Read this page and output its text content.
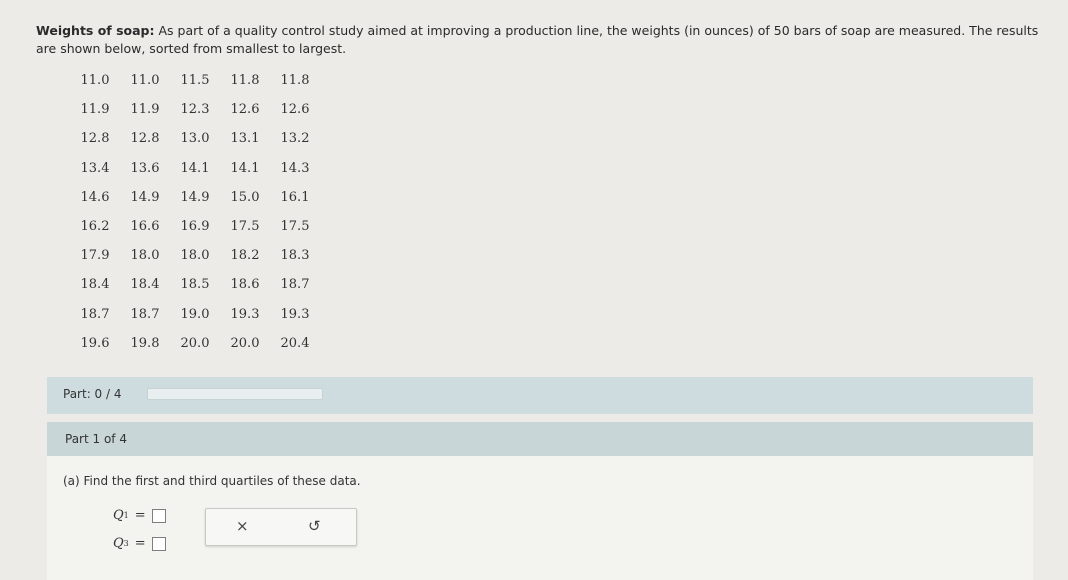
Weights of soap: As part of a quality control study aimed at improving a production line, the weights (in ounces) of 50 bars of soap are measured. The results are shown below, sorted from smallest to largest.
11.0	11.0	11.5	11.8	11.8
11.9	11.9	12.3	12.6	12.6
12.8	12.8	13.0	13.1	13.2
13.4	13.6	14.1	14.1	14.3
14.6	14.9	14.9	15.0	16.1
16.2	16.6	16.9	17.5	17.5
17.9	18.0	18.0	18.2	18.3
18.4	18.4	18.5	18.6	18.7
18.7	18.7	19.0	19.3	19.3
19.6	19.8	20.0	20.0	20.4
Part: 0 / 4
Part 1 of 4
(a) Find the first and third quartiles of these data.
Q 1 =
Q 3 =
×	↺
